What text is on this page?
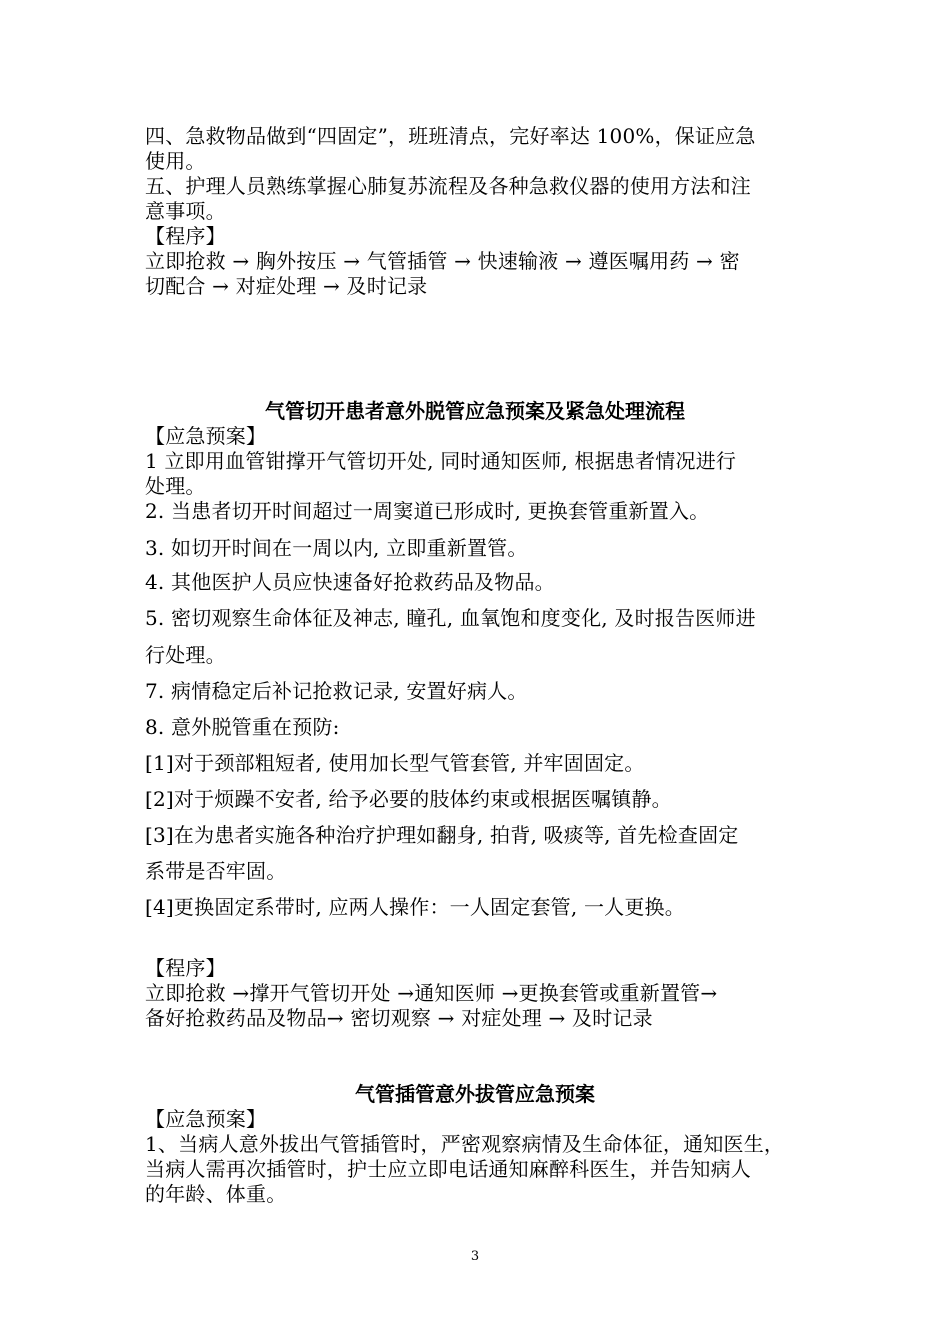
四、急救物品做到“四固定”，班班清点，完好率达 100%，保证应急
使用。
五、护理人员熟练掌握心肺复苏流程及各种急救仪器的使用方法和注
意事项。
【程序】
立即抢救 → 胸外按压 → 气管插管 → 快速输液 → 遵医嘱用药 → 密
切配合 → 对症处理 → 及时记录
气管切开患者意外脱管应急预案及紧急处理流程
【应急预案】
1 立即用血管钳撑开气管切开处, 同时通知医师, 根据患者情况进行
处理。
2. 当患者切开时间超过一周窦道已形成时, 更换套管重新置入。
3. 如切开时间在一周以内, 立即重新置管。
4. 其他医护人员应快速备好抢救药品及物品。
5. 密切观察生命体征及神志, 瞳孔, 血氧饱和度变化, 及时报告医师进
行处理。
7. 病情稳定后补记抢救记录, 安置好病人。
8. 意外脱管重在预防:
[1]对于颈部粗短者, 使用加长型气管套管, 并牢固固定。
[2]对于烦躁不安者, 给予必要的肢体约束或根据医嘱镇静。
[3]在为患者实施各种治疗护理如翻身, 拍背, 吸痰等, 首先检查固定
系带是否牢固。
[4]更换固定系带时, 应两人操作：一人固定套管, 一人更换。
【程序】
立即抢救 →撑开气管切开处 →通知医师 →更换套管或重新置管→
备好抢救药品及物品→ 密切观察 → 对症处理 → 及时记录
气管插管意外拔管应急预案
【应急预案】
1、当病人意外拔出气管插管时，严密观察病情及生命体征，通知医生，
当病人需再次插管时，护士应立即电话通知麻醉科医生，并告知病人
的年龄、体重。
3
